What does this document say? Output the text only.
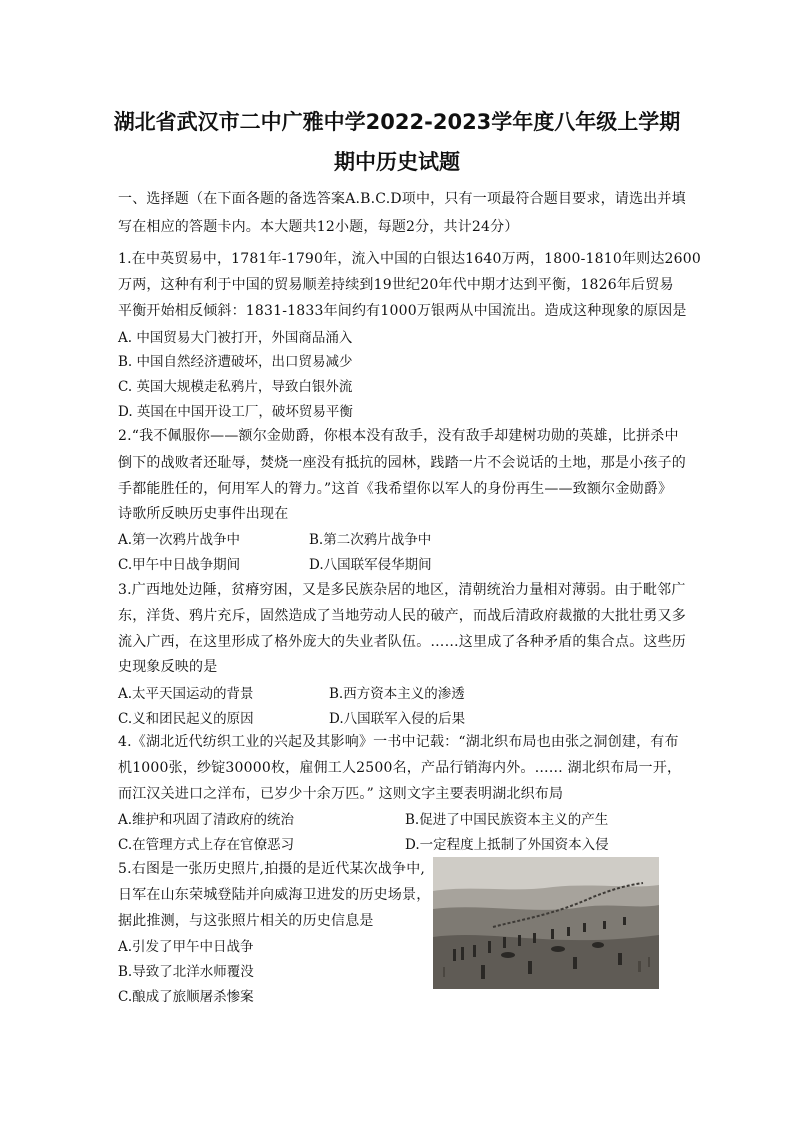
湖北省武汉市二中广雅中学2022-2023学年度八年级上学期
期中历史试题
一、选择题（在下面各题的备选答案A.B.C.D项中，只有一项最符合题目要求，请选出并填
写在相应的答题卡内。本大题共12小题，每题2分，共计24分）
1.在中英贸易中，1781年-1790年，流入中国的白银达1640万两，1800-1810年则达2600
万两，这种有利于中国的贸易顺差持续到19世纪20年代中期才达到平衡，1826年后贸易
平衡开始相反倾斜：1831-1833年间约有1000万银两从中国流出。造成这种现象的原因是
A. 中国贸易大门被打开，外国商品涌入
B. 中国自然经济遭破坏，出口贸易减少
C. 英国大规模走私鸦片，导致白银外流
D. 英国在中国开设工厂，破坏贸易平衡
2.“我不佩服你——额尔金勋爵，你根本没有敌手，没有敌手却建树功勋的英雄，比拼杀中
倒下的战败者还耻辱，焚烧一座没有抵抗的园林，践踏一片不会说话的土地，那是小孩子的
手都能胜任的，何用军人的膂力。”这首《我希望你以军人的身份再生——致额尔金勋爵》
诗歌所反映历史事件出现在
A.第一次鸦片战争中	B.第二次鸦片战争中
C.甲午中日战争期间	D.八国联军侵华期间
3.广西地处边陲，贫瘠穷困，又是多民族杂居的地区，清朝统治力量相对薄弱。由于毗邻广
东，洋货、鸦片充斥，固然造成了当地劳动人民的破产，而战后清政府裁撤的大批壮勇又多
流入广西，在这里形成了格外庞大的失业者队伍。……这里成了各种矛盾的集合点。这些历
史现象反映的是
A.太平天国运动的背景	B.西方资本主义的渗透
C.义和团民起义的原因	D.八国联军入侵的后果
4.《湖北近代纺织工业的兴起及其影响》一书中记载：“湖北织布局也由张之洞创建，有布
机1000张，纱锭30000枚，雇佣工人2500名，产品行销海内外。…… 湖北织布局一开，
而江汉关进口之洋布，已岁少十余万匹。” 这则文字主要表明湖北织布局
A.维护和巩固了清政府的统治	B.促进了中国民族资本主义的产生
C.在管理方式上存在官僚恶习	D.一定程度上抵制了外国资本入侵
5.右图是一张历史照片,拍摄的是近代某次战争中,
日军在山东荣城登陆并向威海卫进发的历史场景，
据此推测，与这张照片相关的历史信息是
A.引发了甲午中日战争
B.导致了北洋水师覆没
C.酿成了旅顺屠杀惨案
